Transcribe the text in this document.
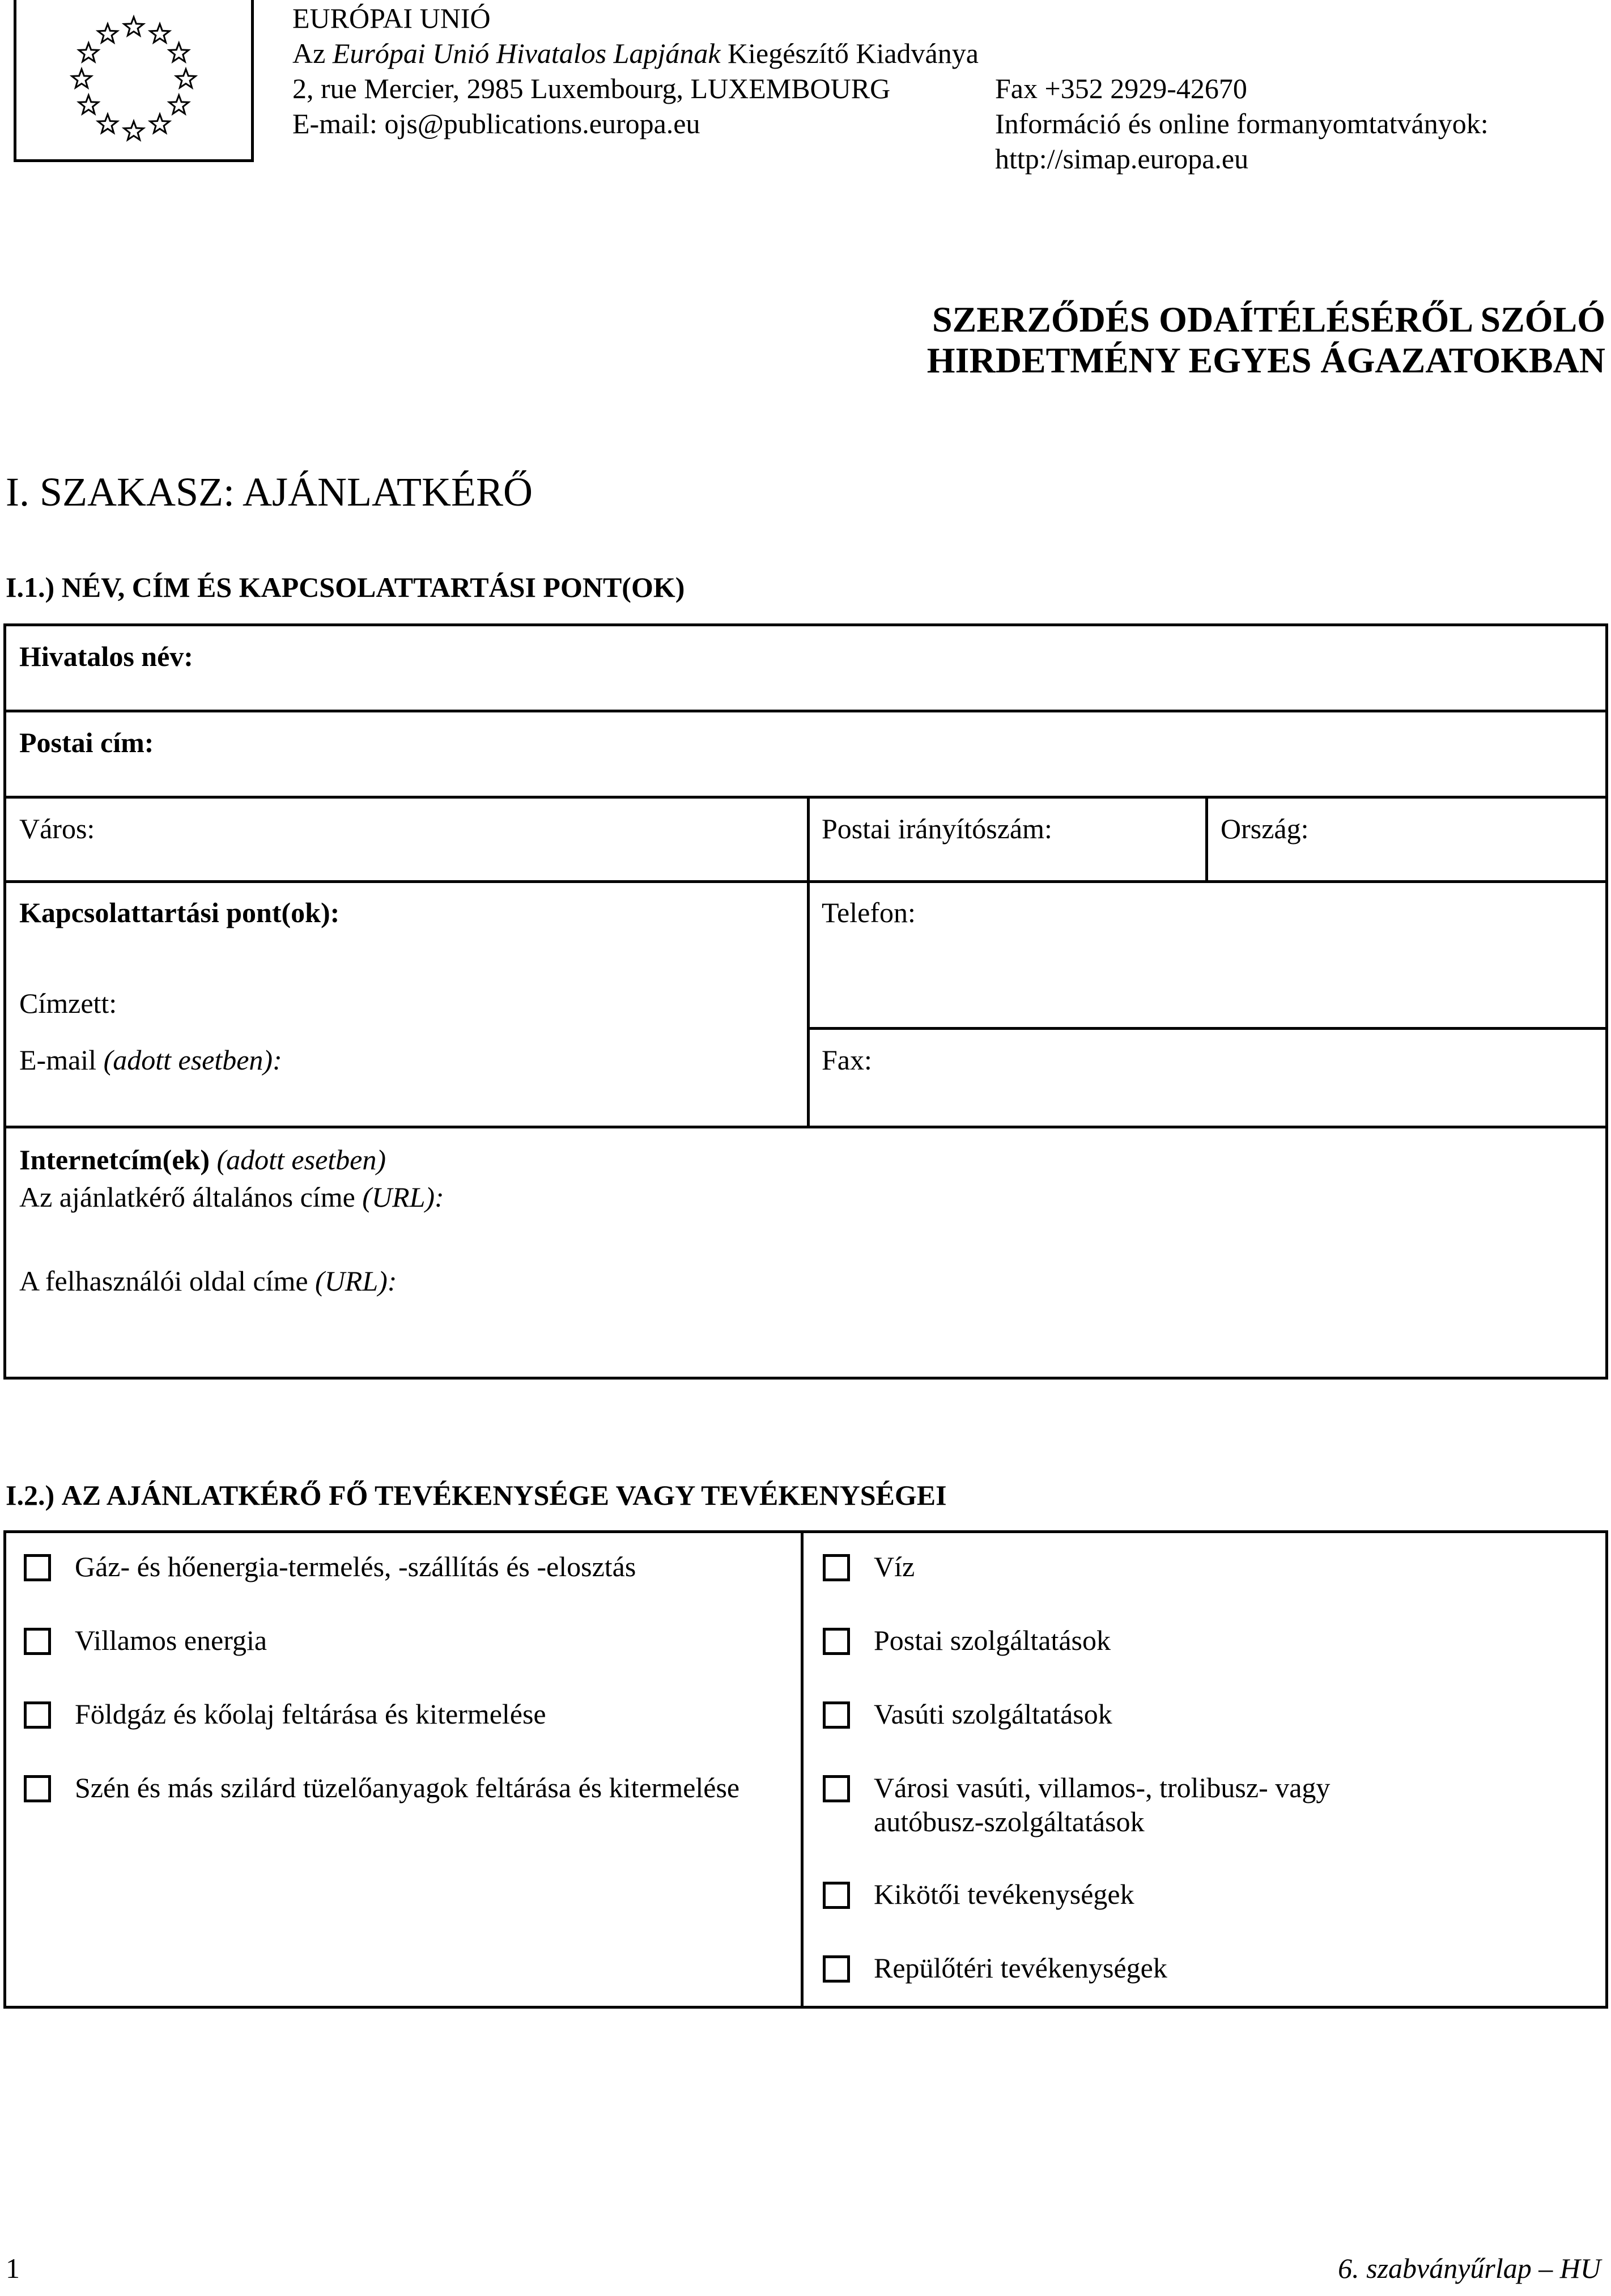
EURÓPAI UNIÓ
Az Európai Unió Hivatalos Lapjának Kiegészítő Kiadványa
2, rue Mercier, 2985 Luxembourg, LUXEMBOURG
E-mail: ojs@publications.europa.eu
Fax +352 2929-42670
Információ és online formanyomtatványok:
http://simap.europa.eu
SZERZŐDÉS ODAÍTÉLÉSÉRŐL SZÓLÓ
HIRDETMÉNY EGYES ÁGAZATOKBAN
I. SZAKASZ: AJÁNLATKÉRŐ
I.1.) NÉV, CÍM ÉS KAPCSOLATTARTÁSI PONT(OK)
Hivatalos név:
Postai cím:
Város:	Postai irányítószám:	Ország:
Kapcsolattartási pont(ok):	Telefon:
Címzett:
E-mail (adott esetben):	Fax:
Internetcím(ek) (adott esetben)
Az ajánlatkérő általános címe (URL):
A felhasználói oldal címe (URL):
I.2.) AZ AJÁNLATKÉRŐ FŐ TEVÉKENYSÉGE VAGY TEVÉKENYSÉGEI
Gáz- és hőenergia-termelés, -szállítás és -elosztás
Villamos energia
Földgáz és kőolaj feltárása és kitermelése
Szén és más szilárd tüzelőanyagok feltárása és kitermelése
Víz
Postai szolgáltatások
Vasúti szolgáltatások
Városi vasúti, villamos-, trolibusz- vagy autóbusz-szolgáltatások
Kikötői tevékenységek
Repülőtéri tevékenységek
1	6. szabványűrlap – HU
